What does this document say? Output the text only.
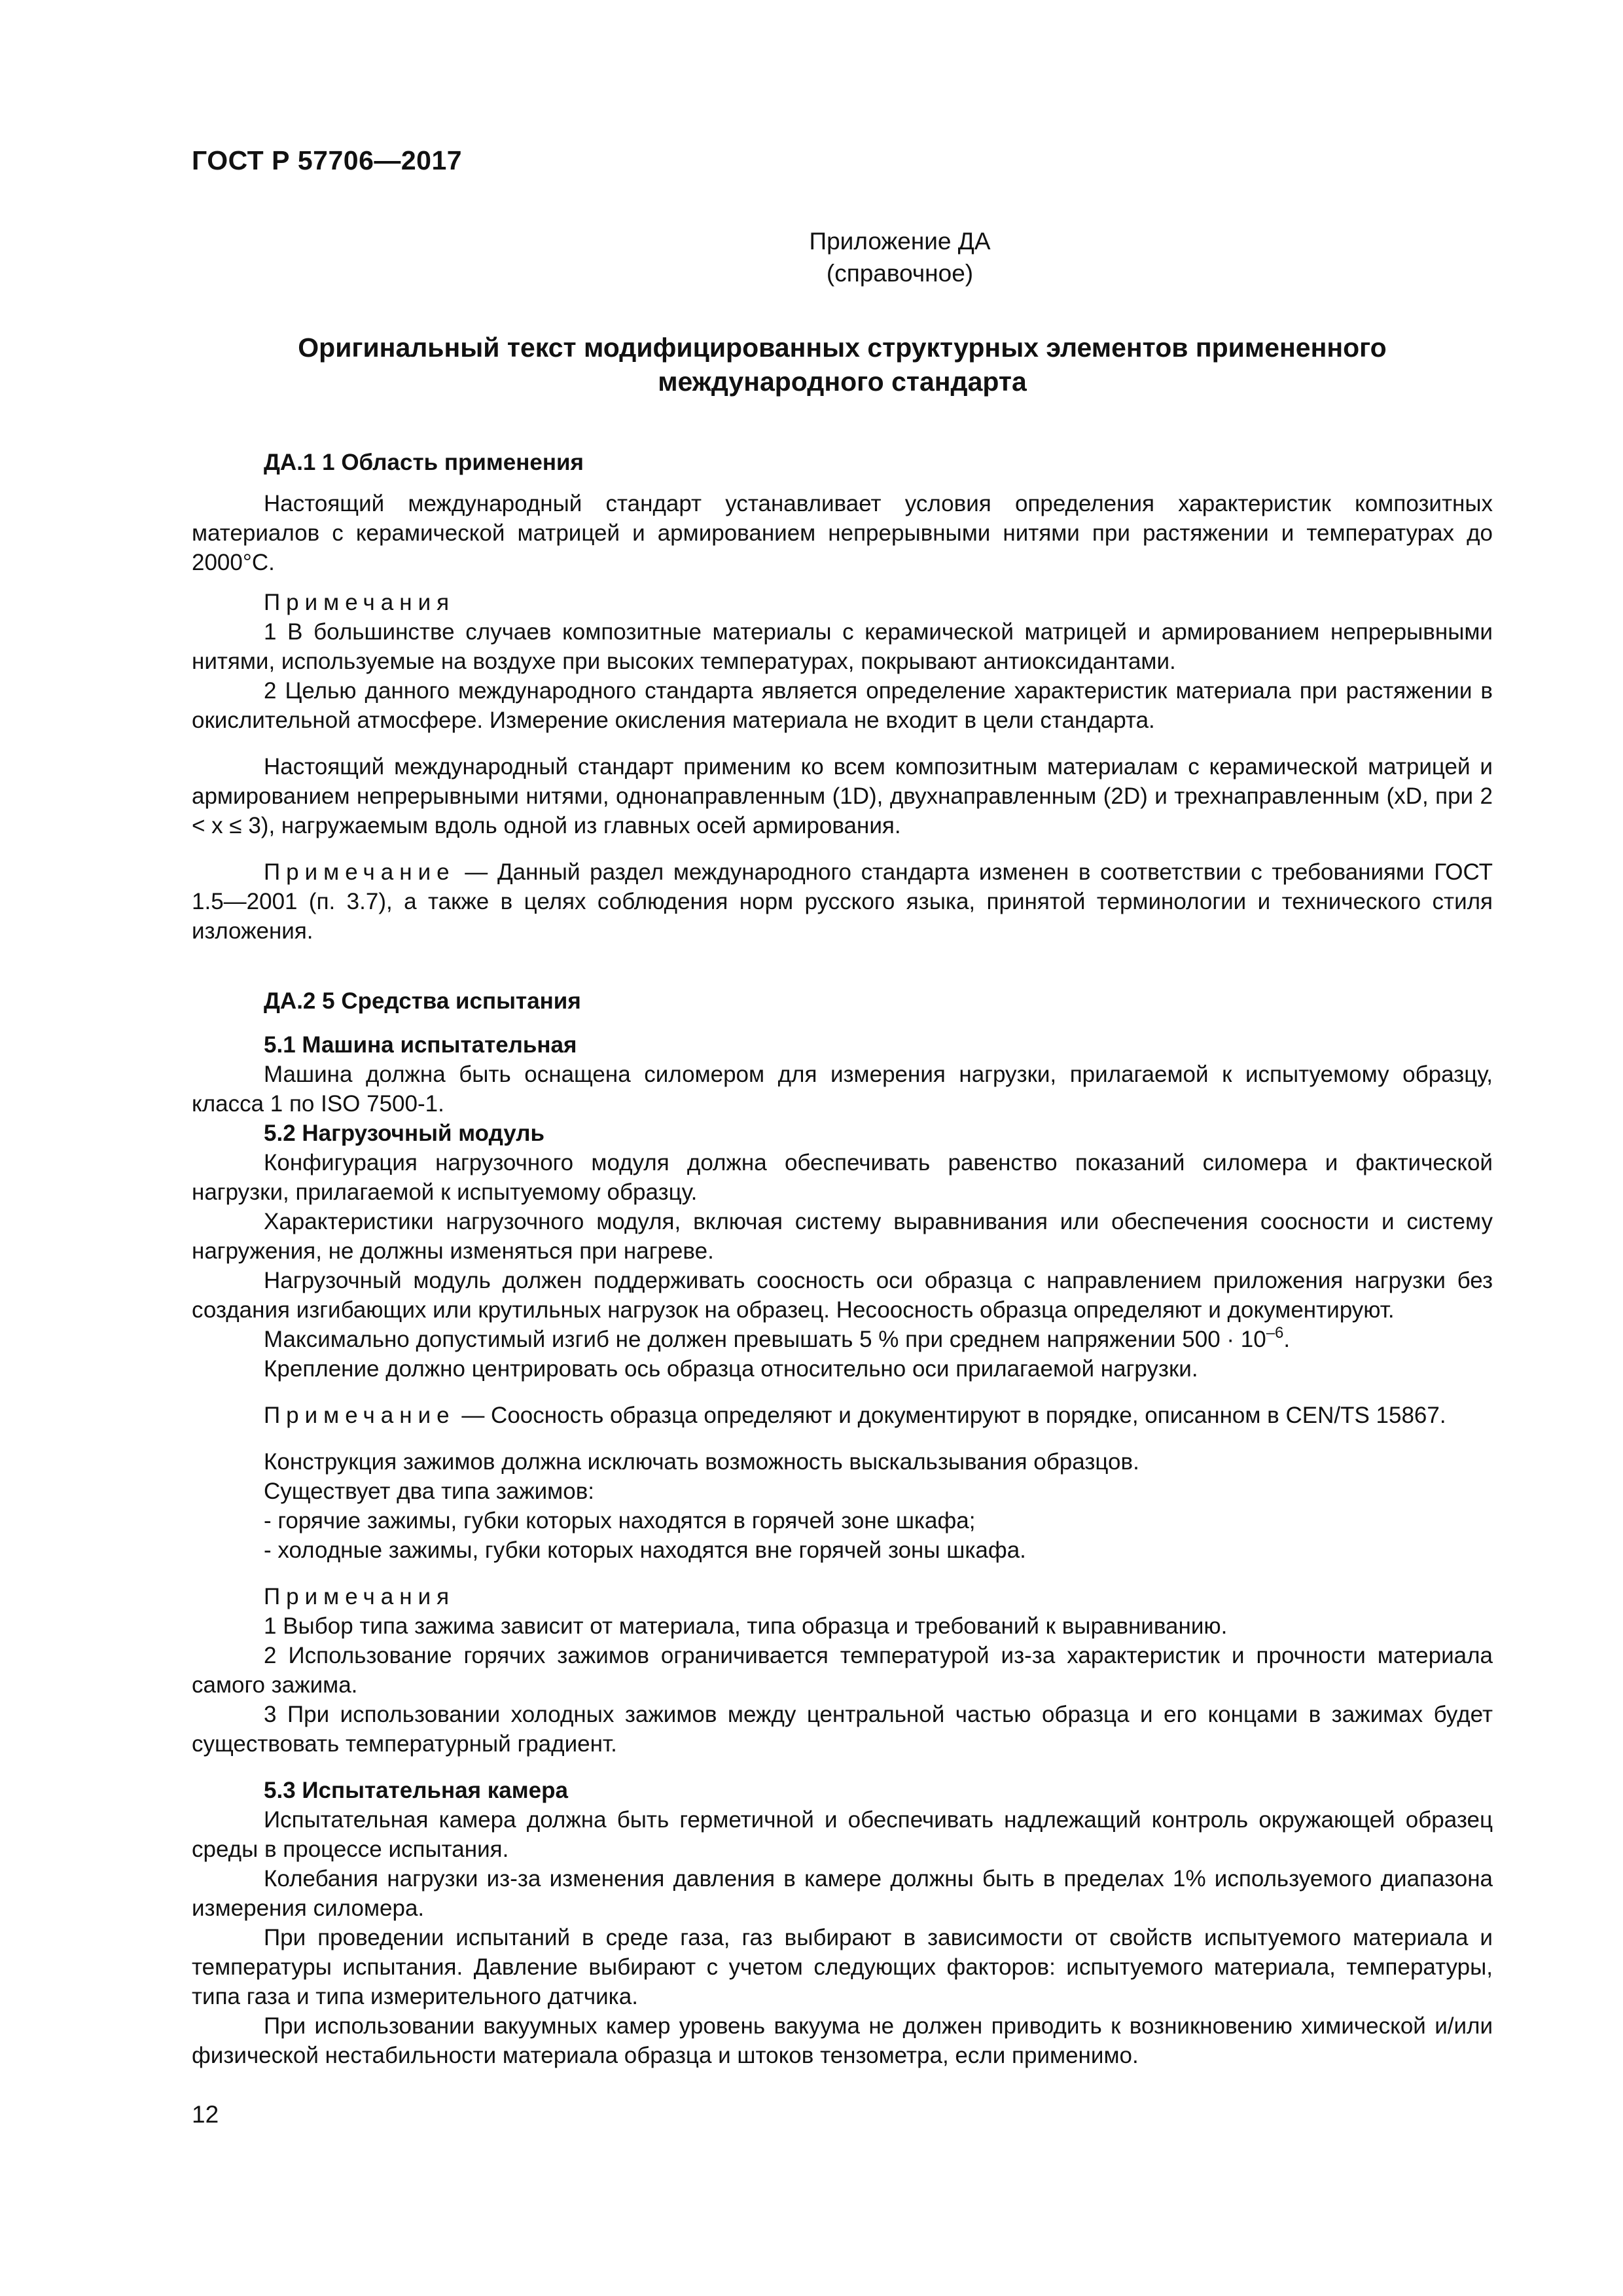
ГОСТ Р 57706—2017
Приложение ДА
(справочное)
Оригинальный текст модифицированных структурных элементов примененного
международного стандарта

ДА.1 1 Область применения

Настоящий международный стандарт устанавливает условия определения характеристик композитных материалов с керамической матрицей и армированием непрерывными нитями при растяжении и температурах до 2000°С.

Примечания

1 В большинстве случаев композитные материалы с керамической матрицей и армированием непрерывными нитями, используемые на воздухе при высоких температурах, покрывают антиоксидантами.

2 Целью данного международного стандарта является определение характеристик материала при растяжении в окислительной атмосфере. Измерение окисления материала не входит в цели стандарта.

Настоящий международный стандарт применим ко всем композитным материалам с керамической матрицей и армированием непрерывными нитями, однонаправленным (1D), двухнаправленным (2D) и трехнаправленным (xD, при 2 < x ≤ 3), нагружаемым вдоль одной из главных осей армирования.

Примечание — Данный раздел международного стандарта изменен в соответствии с требованиями ГОСТ 1.5—2001 (п. 3.7), а также в целях соблюдения норм русского языка, принятой терминологии и технического стиля изложения.

ДА.2 5 Средства испытания

5.1 Машина испытательная

Машина должна быть оснащена силомером для измерения нагрузки, прилагаемой к испытуемому образцу, класса 1 по ISO 7500-1.

5.2 Нагрузочный модуль

Конфигурация нагрузочного модуля должна обеспечивать равенство показаний силомера и фактической нагрузки, прилагаемой к испытуемому образцу.

Характеристики нагрузочного модуля, включая систему выравнивания или обеспечения соосности и систему нагружения, не должны изменяться при нагреве.

Нагрузочный модуль должен поддерживать соосность оси образца с направлением приложения нагрузки без создания изгибающих или крутильных нагрузок на образец. Несоосность образца определяют и документируют.

Максимально допустимый изгиб не должен превышать 5 % при среднем напряжении $500 \cdot 10^{-6}$.

Крепление должно центрировать ось образца относительно оси прилагаемой нагрузки.

Примечание — Соосность образца определяют и документируют в порядке, описанном в CEN/TS 15867.

Конструкция зажимов должна исключать возможность выскальзывания образцов.

Существует два типа зажимов:

- горячие зажимы, губки которых находятся в горячей зоне шкафа;

- холодные зажимы, губки которых находятся вне горячей зоны шкафа.

Примечания

1 Выбор типа зажима зависит от материала, типа образца и требований к выравниванию.

2 Использование горячих зажимов ограничивается температурой из-за характеристик и прочности материала самого зажима.

3 При использовании холодных зажимов между центральной частью образца и его концами в зажимах будет существовать температурный градиент.

5.3 Испытательная камера

Испытательная камера должна быть герметичной и обеспечивать надлежащий контроль окружающей образец среды в процессе испытания.

Колебания нагрузки из-за изменения давления в камере должны быть в пределах 1% используемого диапазона измерения силомера.

При проведении испытаний в среде газа, газ выбирают в зависимости от свойств испытуемого материала и температуры испытания. Давление выбирают с учетом следующих факторов: испытуемого материала, температуры, типа газа и типа измерительного датчика.

При использовании вакуумных камер уровень вакуума не должен приводить к возникновению химической и/или физической нестабильности материала образца и штоков тензометра, если применимо.

12
